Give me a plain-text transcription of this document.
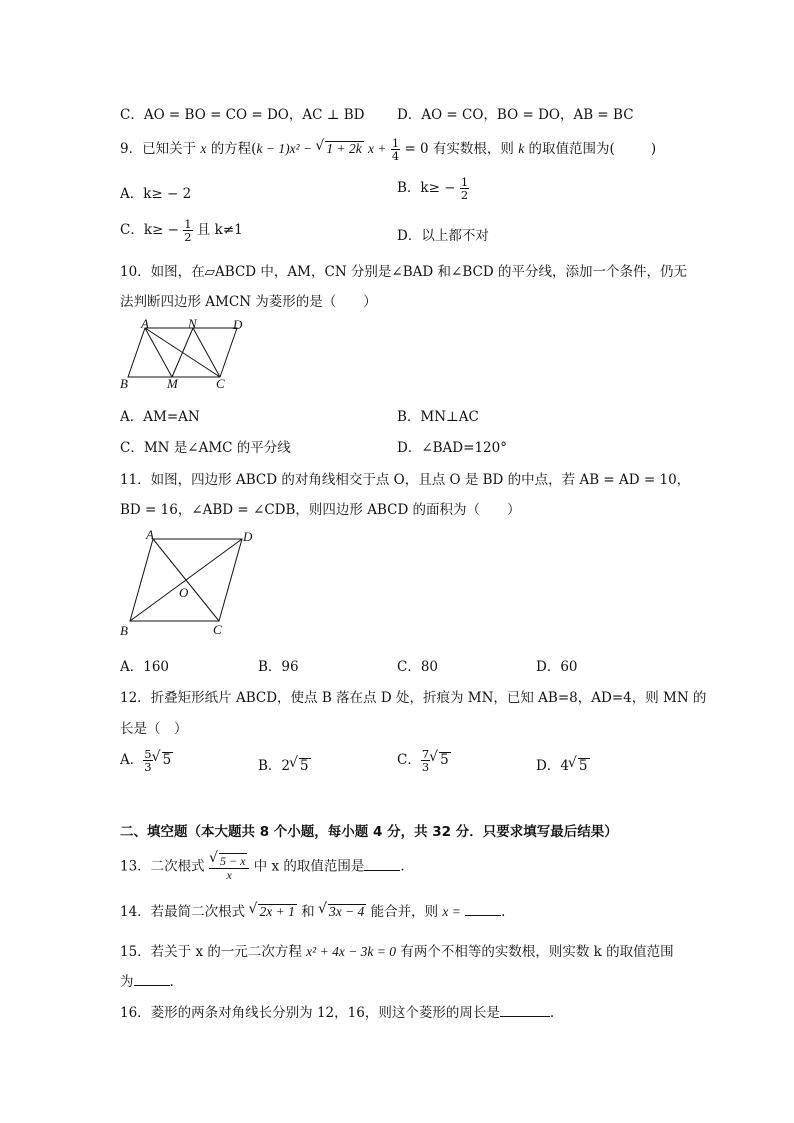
C．AO = BO = CO = DO，AC ⊥ BD D．AO = CO，BO = DO，AB = BC
9．已知关于 x 的方程(k − 1)x² − √ 1 + 2k $x + \frac{1}{4} = 0$ 有实数根，则 k 的取值范围为(	)
A．k≥ − 2	B．$k\ge - \frac{1}{2}$
C．$k\ge - \frac{1}{2}$ 且 k≠1	D．以上都不对
10．如图，在▱ABCD 中，AM，CN 分别是∠BAD 和∠BCD 的平分线，添加一个条件，仍无
法判断四边形 AMCN 为菱形的是（　　）
A	N	D
B	M	C
A．AM=AN	B．MN⊥AC
C．MN 是∠AMC 的平分线	D．∠BAD=120°
11．如图，四边形 ABCD 的对角线相交于点 O，且点 O 是 BD 的中点，若 AB = AD = 10，
BD = 16，∠ABD = ∠CDB，则四边形 ABCD 的面积为（　　）
A	D
O
B	C
A．160	B．96	C．80	D．60
12．折叠矩形纸片 ABCD，使点 B 落在点 D 处，折痕为 MN，已知 AB=8，AD=4，则 MN 的
长是（　）
A． $\frac{5}{3}$ √ 5	B．2 √ 5	C． $\frac{7}{3}$ √ 5	D．4 √ 5
二、填空题（本大题共 8 个小题，每小题 4 分，共 32 分．只要求填写最后结果）
13．二次根式 √ $\frac{5 - x}{x}$ 中 x 的取值范围是	.
14．若最简二次根式 √ 2x + 1 和 √ 3x − 4 能合并，则 x =	.
15．若关于 x 的一元二次方程 x² + 4x − 3k = 0 有两个不相等的实数根，则实数 k 的取值范围
为	.
16．菱形的两条对角线长分别为 12，16，则这个菱形的周长是	.
